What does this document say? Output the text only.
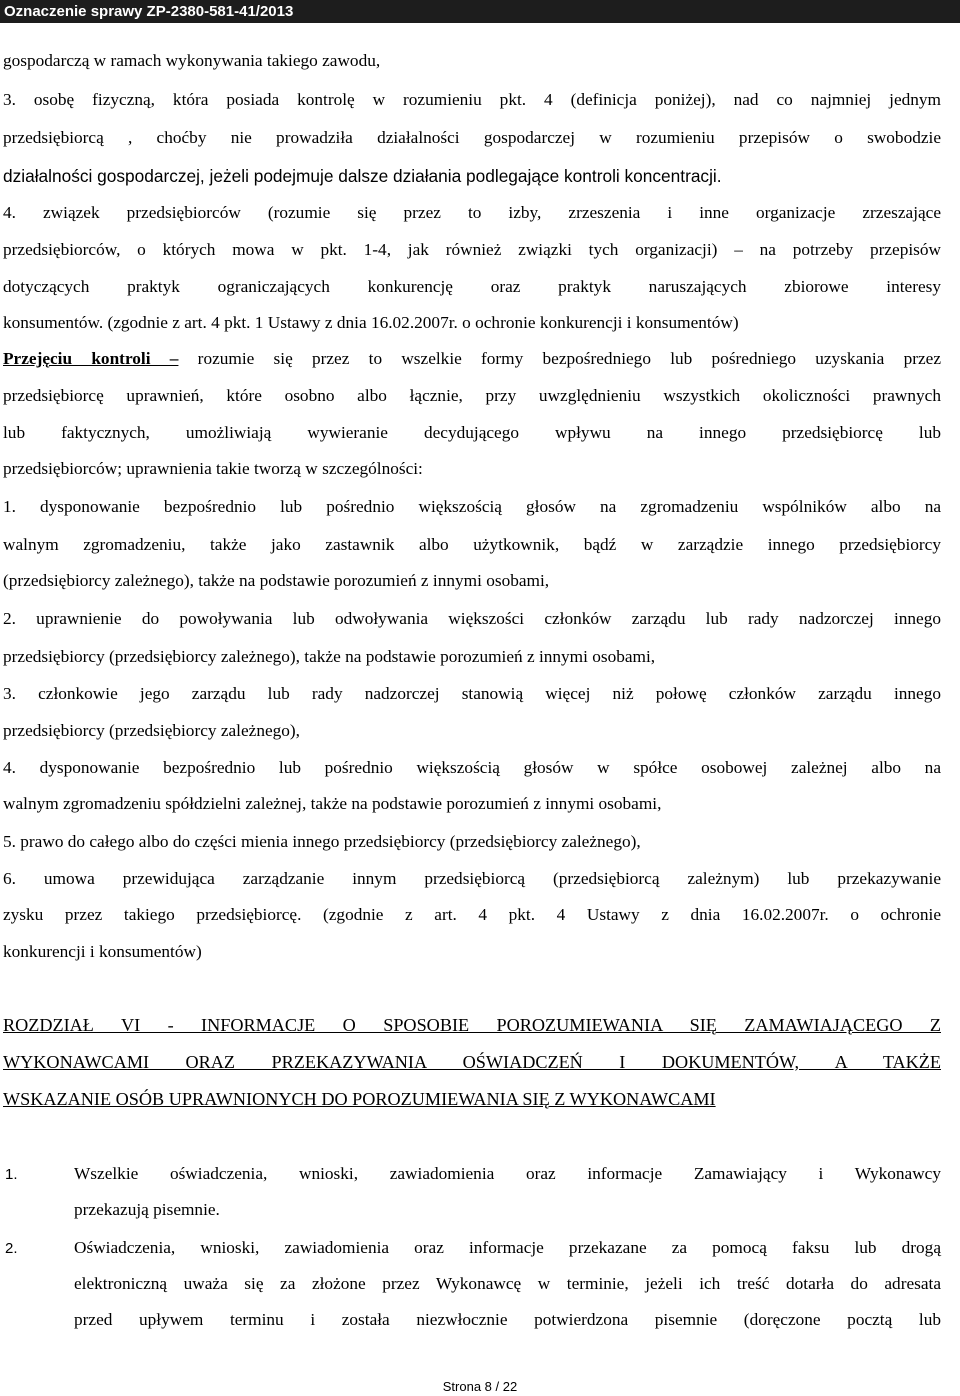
Oznaczenie sprawy ZP-2380-581-41/2013
gospodarczą w ramach wykonywania takiego zawodu,
3. osobę fizyczną, która posiada kontrolę w rozumieniu pkt. 4 (definicja poniżej), nad co najmniej jednym
przedsiębiorcą , choćby nie prowadziła działalności gospodarczej w rozumieniu przepisów o swobodzie
działalności gospodarczej, jeżeli podejmuje dalsze działania podlegające kontroli koncentracji.
4. związek przedsiębiorców (rozumie się przez to izby, zrzeszenia i inne organizacje zrzeszające
przedsiębiorców, o których mowa w pkt. 1-4, jak również związki tych organizacji) – na potrzeby przepisów
dotyczących praktyk ograniczających konkurencję oraz praktyk naruszających zbiorowe interesy
konsumentów. (zgodnie z art. 4 pkt. 1 Ustawy z dnia 16.02.2007r. o ochronie konkurencji i konsumentów)
Przejęciu kontroli – rozumie się przez to wszelkie formy bezpośredniego lub pośredniego uzyskania przez
przedsiębiorcę uprawnień, które osobno albo łącznie, przy uwzględnieniu wszystkich okoliczności prawnych
lub faktycznych, umożliwiają wywieranie decydującego wpływu na innego przedsiębiorcę lub
przedsiębiorców; uprawnienia takie tworzą w szczególności:
1. dysponowanie bezpośrednio lub pośrednio większością głosów na zgromadzeniu wspólników albo na
walnym zgromadzeniu, także jako zastawnik albo użytkownik, bądź w zarządzie innego przedsiębiorcy
(przedsiębiorcy zależnego), także na podstawie porozumień z innymi osobami,
2. uprawnienie do powoływania lub odwoływania większości członków zarządu lub rady nadzorczej innego
przedsiębiorcy (przedsiębiorcy zależnego), także na podstawie porozumień z innymi osobami,
3. członkowie jego zarządu lub rady nadzorczej stanowią więcej niż połowę członków zarządu innego
przedsiębiorcy (przedsiębiorcy zależnego),
4. dysponowanie bezpośrednio lub pośrednio większością głosów w spółce osobowej zależnej albo na
walnym zgromadzeniu spółdzielni zależnej, także na podstawie porozumień z innymi osobami,
5. prawo do całego albo do części mienia innego przedsiębiorcy (przedsiębiorcy zależnego),
6. umowa przewidująca zarządzanie innym przedsiębiorcą (przedsiębiorcą zależnym) lub przekazywanie
zysku przez takiego przedsiębiorcę. (zgodnie z art. 4 pkt. 4 Ustawy z dnia 16.02.2007r. o ochronie
konkurencji i konsumentów)
ROZDZIAŁ VI - INFORMACJE O SPOSOBIE POROZUMIEWANIA SIĘ ZAMAWIAJĄCEGO Z
WYKONAWCAMI ORAZ PRZEKAZYWANIA OŚWIADCZEŃ I DOKUMENTÓW, A TAKŻE
WSKAZANIE OSÓB UPRAWNIONYCH DO POROZUMIEWANIA SIĘ Z WYKONAWCAMI
1.	Wszelkie oświadczenia, wnioski, zawiadomienia oraz informacje Zamawiający i Wykonawcy
przekazują pisemnie.
2.	Oświadczenia, wnioski, zawiadomienia oraz informacje przekazane za pomocą faksu lub drogą
elektroniczną uważa się za złożone przez Wykonawcę w terminie, jeżeli ich treść dotarła do adresata
przed upływem terminu i została niezwłocznie potwierdzona pisemnie (doręczone pocztą lub
Strona 8 / 22
